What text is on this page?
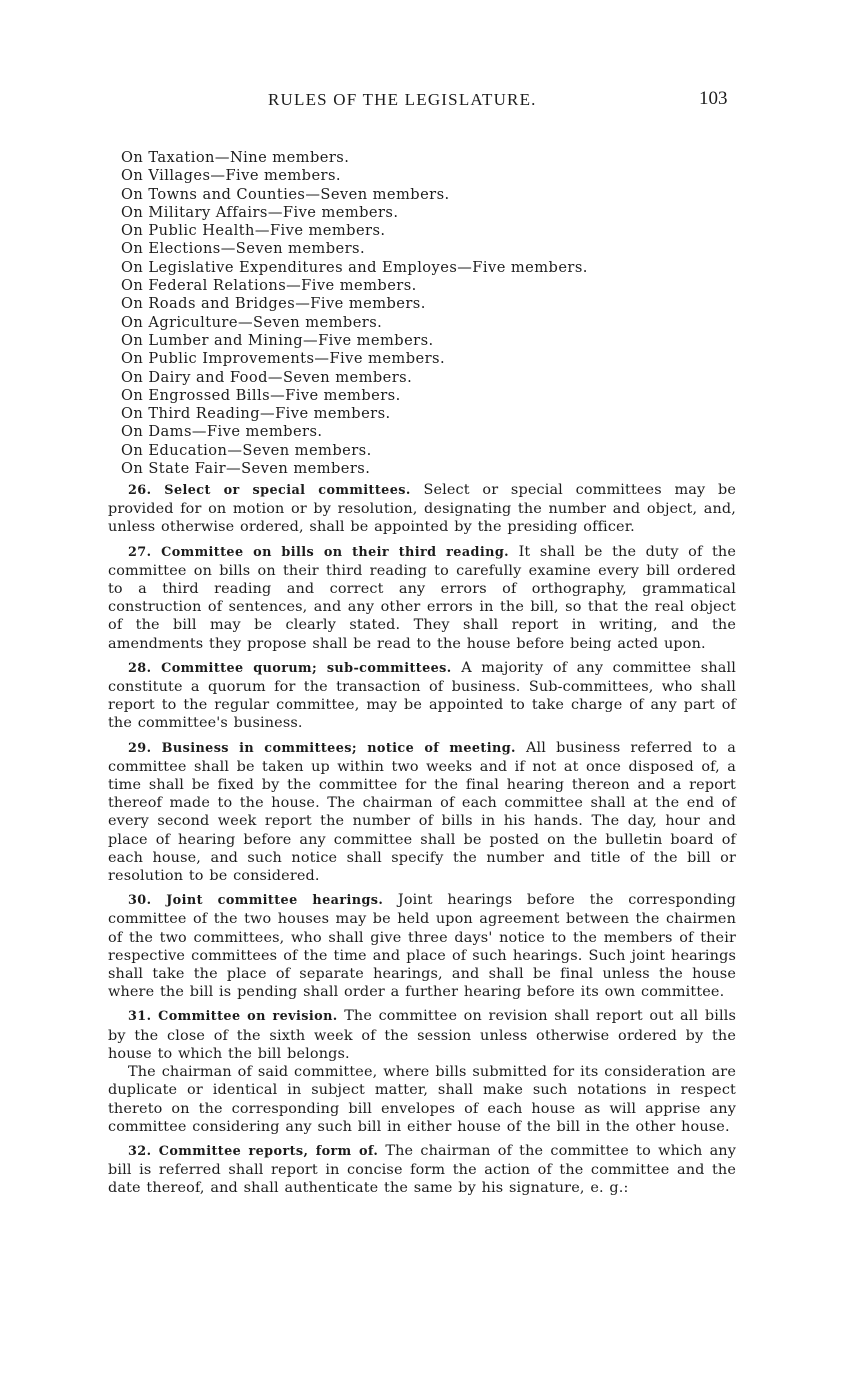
RULES OF THE LEGISLATURE.	103
On Taxation—Nine members.
On Villages—Five members.
On Towns and Counties—Seven members.
On Military Affairs—Five members.
On Public Health—Five members.
On Elections—Seven members.
On Legislative Expenditures and Employes—Five members.
On Federal Relations—Five members.
On Roads and Bridges—Five members.
On Agriculture—Seven members.
On Lumber and Mining—Five members.
On Public Improvements—Five members.
On Dairy and Food—Seven members.
On Engrossed Bills—Five members.
On Third Reading—Five members.
On Dams—Five members.
On Education—Seven members.
On State Fair—Seven members.

26. Select or special committees. Select or special committees may be provided for on motion or by resolution, designating the number and object, and, unless otherwise ordered, shall be appointed by the presiding officer.

27. Committee on bills on their third reading. It shall be the duty of the committee on bills on their third reading to carefully examine every bill ordered to a third reading and correct any errors of orthography, grammatical construction of sentences, and any other errors in the bill, so that the real object of the bill may be clearly stated. They shall report in writing, and the amendments they propose shall be read to the house before being acted upon.

28. Committee quorum; sub-committees. A majority of any committee shall constitute a quorum for the transaction of business. Sub-committees, who shall report to the regular committee, may be appointed to take charge of any part of the committee's business.

29. Business in committees; notice of meeting. All business referred to a committee shall be taken up within two weeks and if not at once disposed of, a time shall be fixed by the committee for the final hearing thereon and a report thereof made to the house. The chairman of each committee shall at the end of every second week report the number of bills in his hands. The day, hour and place of hearing before any committee shall be posted on the bulletin board of each house, and such notice shall specify the number and title of the bill or resolution to be considered.

30. Joint committee hearings. Joint hearings before the corresponding committee of the two houses may be held upon agreement between the chairmen of the two committees, who shall give three days' notice to the members of their respective committees of the time and place of such hearings. Such joint hearings shall take the place of separate hearings, and shall be final unless the house where the bill is pending shall order a further hearing before its own committee.

31. Committee on revision. The committee on revision shall report out all bills by the close of the sixth week of the session unless otherwise ordered by the house to which the bill belongs.

The chairman of said committee, where bills submitted for its consideration are duplicate or identical in subject matter, shall make such notations in respect thereto on the corresponding bill envelopes of each house as will apprise any committee considering any such bill in either house of the bill in the other house.

32. Committee reports, form of. The chairman of the committee to which any bill is referred shall report in concise form the action of the committee and the date thereof, and shall authenticate the same by his signature, e. g.:
